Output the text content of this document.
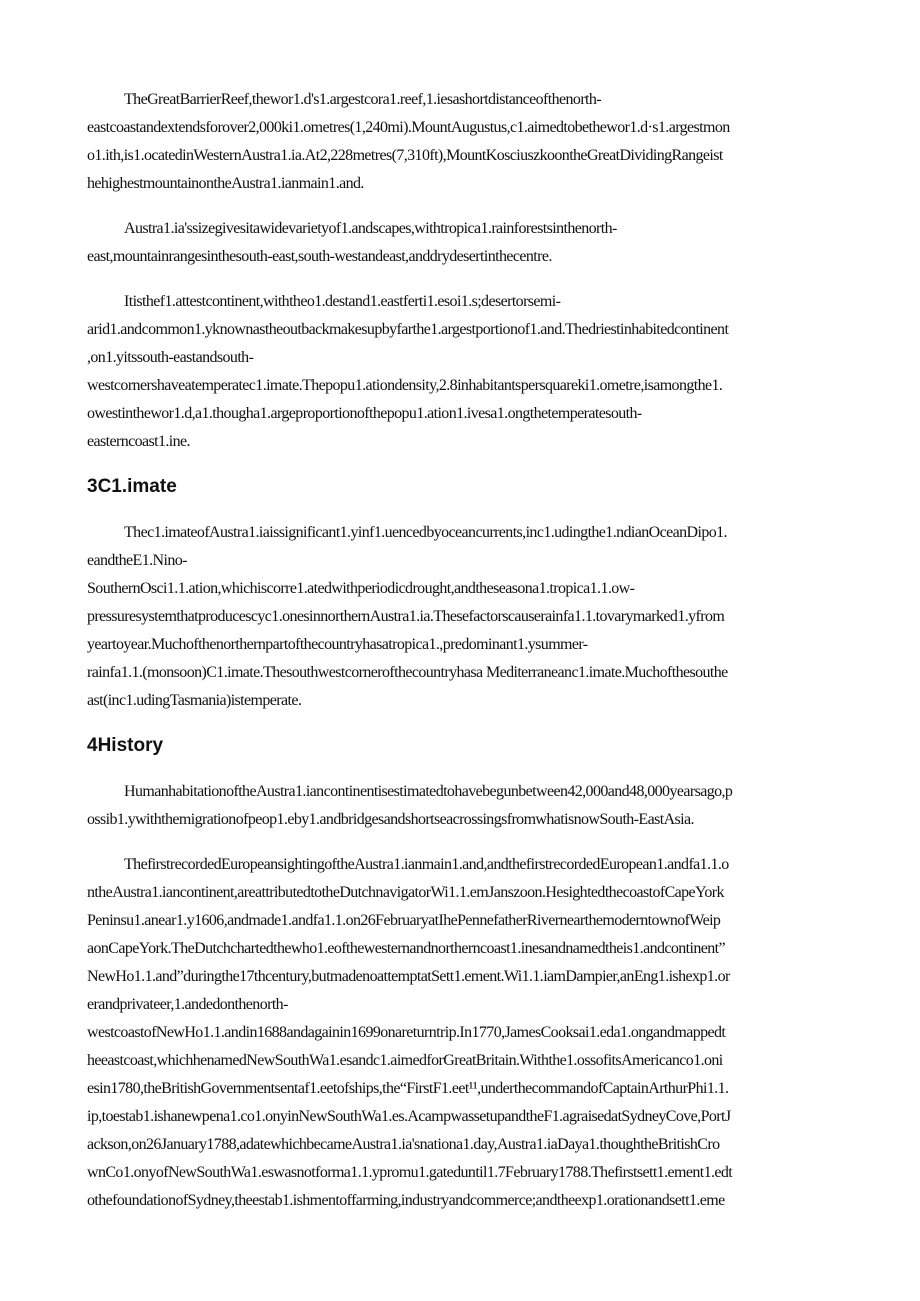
TheGreatBarrierReef,thewor1.d's1.argestcora1.reef,1.iesashortdistanceofthenorth-
eastcoastandextendsforover2,000ki1.ometres(1,240mi).MountAugustus,c1.aimedtobethewor1.d·s1.argestmon
o1.ith,is1.ocatedinWesternAustra1.ia.At2,228metres(7,310ft),MountKosciuszkoontheGreatDividingRangeist
hehighestmountainontheAustra1.ianmain1.and.

Austra1.ia'ssizegivesitawidevarietyof1.andscapes,withtropica1.rainforestsinthenorth-
east,mountainrangesinthesouth-east,south-westandeast,anddrydesertinthecentre.

Itisthef1.attestcontinent,withtheo1.destand1.eastferti1.esoi1.s;desertorsemi-
arid1.andcommon1.yknownastheoutbackmakesupbyfarthe1.argestportionof1.and.Thedriestinhabitedcontinent
,on1.yitssouth-eastandsouth-
westcornershaveatemperatec1.imate.Thepopu1.ationdensity,2.8inhabitantspersquareki1.ometre,isamongthe1.
owestinthewor1.d,a1.thougha1.argeproportionofthepopu1.ation1.ivesa1.ongthetemperatesouth-
easterncoast1.ine.

3C1.imate

Thec1.imateofAustra1.iaissignificant1.yinf1.uencedbyoceancurrents,inc1.udingthe1.ndianOceanDipo1.
eandtheE1.Nino-
SouthernOsci1.1.ation,whichiscorre1.atedwithperiodicdrought,andtheseasona1.tropica1.1.ow-
pressuresystemthatproducescyc1.onesinnorthernAustra1.ia.Thesefactorscauserainfa1.1.tovarymarked1.yfrom
yeartoyear.Muchofthenorthernpartofthecountryhasatropica1.,predominant1.ysummer-
rainfa1.1.(monsoon)C1.imate.Thesouthwestcornerofthecountryhasa Mediterraneanc1.imate.Muchofthesouthe
ast(inc1.udingTasmania)istemperate.

4History

HumanhabitationoftheAustra1.iancontinentisestimatedtohavebegunbetween42,000and48,000yearsago,p
ossib1.ywiththemigrationofpeop1.eby1.andbridgesandshortseacrossingsfromwhatisnowSouth-EastAsia.

ThefirstrecordedEuropeansightingoftheAustra1.ianmain1.and,andthefirstrecordedEuropean1.andfa1.1.o
ntheAustra1.iancontinent,areattributedtotheDutchnavigatorWi1.1.emJanszoon.HesightedthecoastofCapeYork
Peninsu1.anear1.y1606,andmade1.andfa1.1.on26FebruaryatIhePennefatherRivernearthemoderntownofWeip
aonCapeYork.TheDutchchartedthewho1.eofthewesternandnortherncoast1.inesandnamedtheis1.andcontinent”
NewHo1.1.and”duringthe17thcentury,butmadenoattemptatSett1.ement.Wi1.1.iamDampier,anEng1.ishexp1.or
erandprivateer,1.andedonthenorth-
westcoastofNewHo1.1.andin1688andagainin1699onareturntrip.In1770,JamesCooksai1.eda1.ongandmappedt
heeastcoast,whichhenamedNewSouthWa1.esandc1.aimedforGreatBritain.Withthe1.ossofitsAmericanco1.oni
esin1780,theBritishGovernmentsentaf1.eetofships,the“FirstF1.eet¹¹,underthecommandofCaptainArthurPhi1.1.
ip,toestab1.ishanewpena1.co1.onyinNewSouthWa1.es.AcampwassetupandtheF1.agraisedatSydneyCove,PortJ
ackson,on26January1788,adatewhichbecameAustra1.ia'snationa1.day,Austra1.iaDaya1.thoughtheBritishCro
wnCo1.onyofNewSouthWa1.eswasnotforma1.1.ypromu1.gateduntil1.7February1788.Thefirstsett1.ement1.edt
othefoundationofSydney,theestab1.ishmentoffarming,industryandcommerce;andtheexp1.orationandsett1.eme
